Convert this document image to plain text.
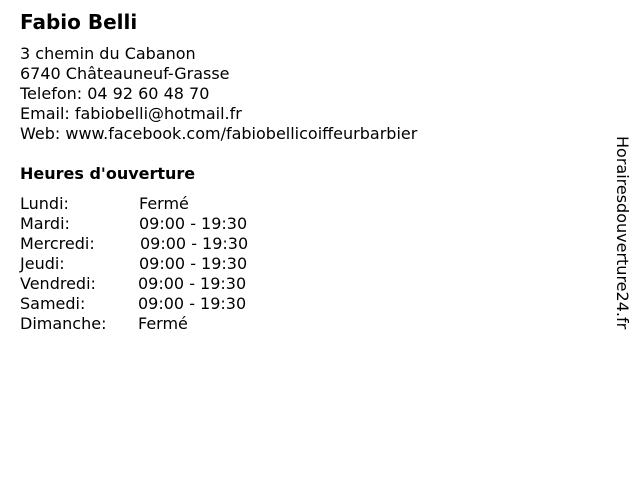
Fabio Belli
3 chemin du Cabanon
6740 Châteauneuf-Grasse
Telefon: 04 92 60 48 70
Email: fabiobelli@hotmail.fr
Web: www.facebook.com/fabiobellicoiffeurbarbier
Heures d'ouverture
Lundi:	Fermé
Mardi:	09:00 - 19:30
Mercredi:	09:00 - 19:30
Jeudi:	09:00 - 19:30
Vendredi:	09:00 - 19:30
Samedi:	09:00 - 19:30
Dimanche: Fermé	Horairesdouverture24.fr
